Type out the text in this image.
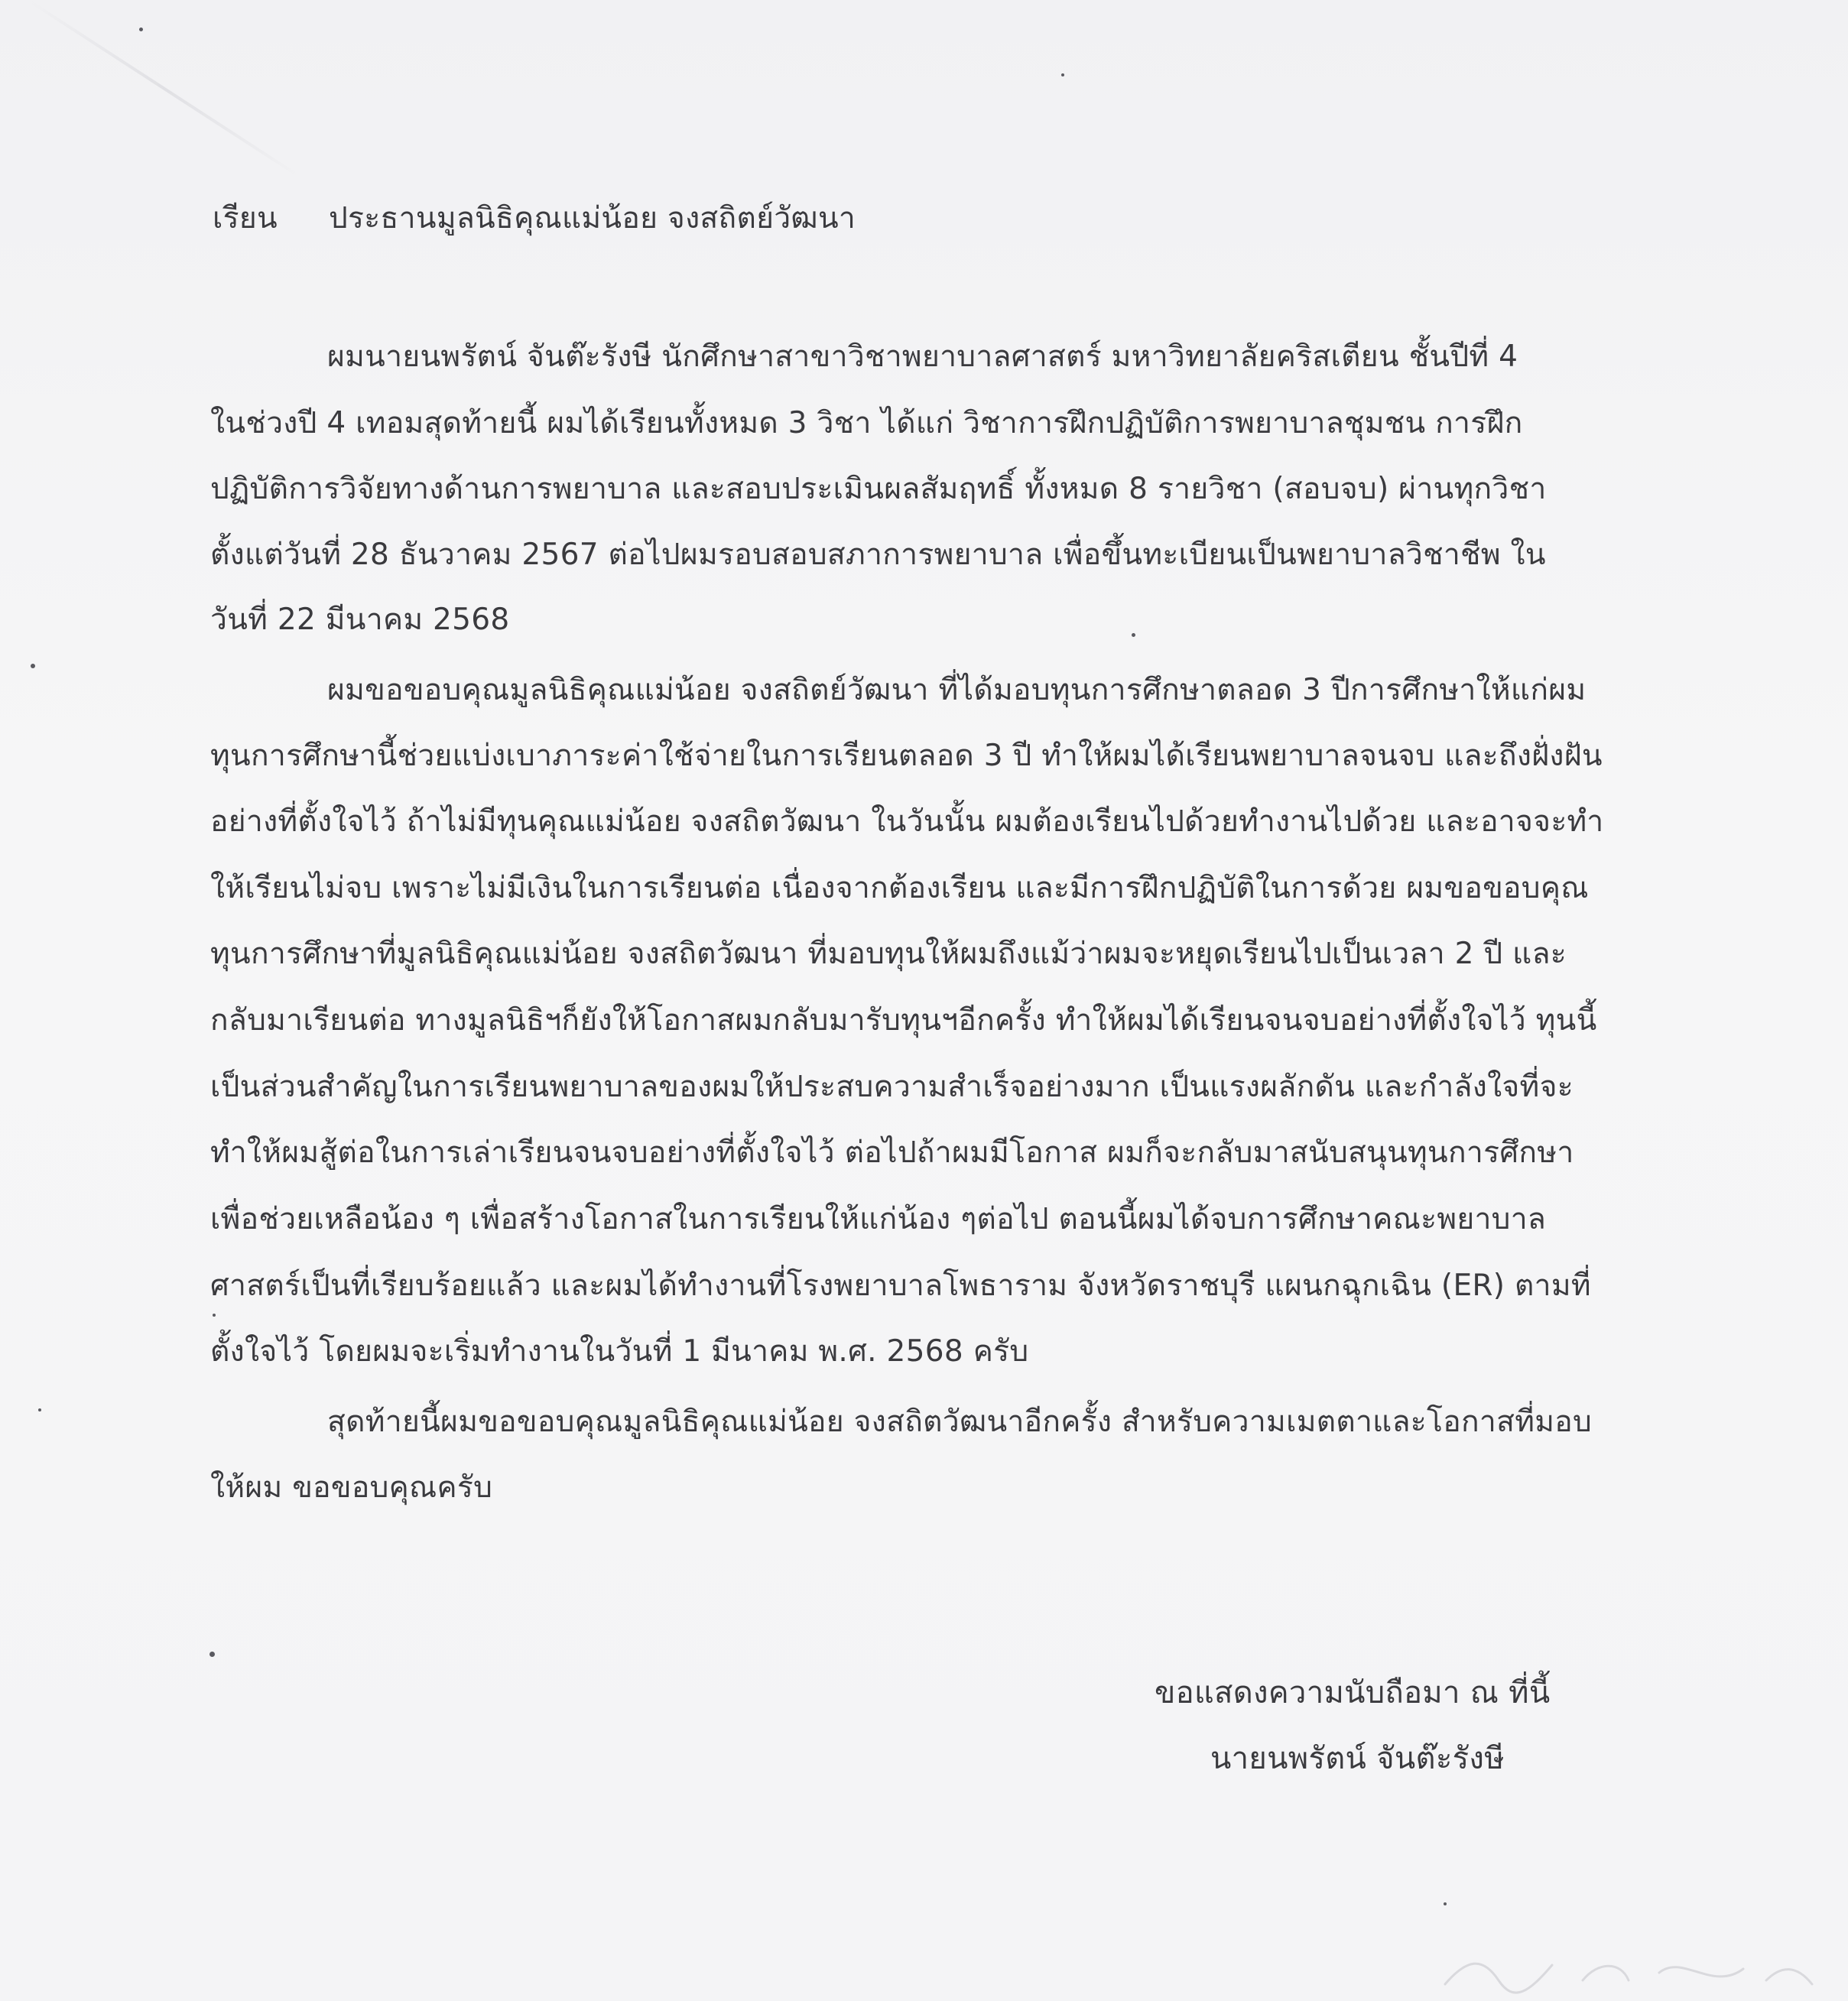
เรียน ประธานมูลนิธิคุณแม่น้อย จงสถิตย์วัฒนา
ผมนายนพรัตน์ จันต๊ะรังษี นักศึกษาสาขาวิชาพยาบาลศาสตร์ มหาวิทยาลัยคริสเตียน ชั้นปีที่ 4
ในช่วงปี 4 เทอมสุดท้ายนี้ ผมได้เรียนทั้งหมด 3 วิชา ได้แก่ วิชาการฝึกปฏิบัติการพยาบาลชุมชน การฝึก
ปฏิบัติการวิจัยทางด้านการพยาบาล และสอบประเมินผลสัมฤทธิ์ ทั้งหมด 8 รายวิชา (สอบจบ) ผ่านทุกวิชา
ตั้งแต่วันที่ 28 ธันวาคม 2567 ต่อไปผมรอบสอบสภาการพยาบาล เพื่อขึ้นทะเบียนเป็นพยาบาลวิชาชีพ ใน
วันที่ 22 มีนาคม 2568
ผมขอขอบคุณมูลนิธิคุณแม่น้อย จงสถิตย์วัฒนา ที่ได้มอบทุนการศึกษาตลอด 3 ปีการศึกษาให้แก่ผม
ทุนการศึกษานี้ช่วยแบ่งเบาภาระค่าใช้จ่ายในการเรียนตลอด 3 ปี ทำให้ผมได้เรียนพยาบาลจนจบ และถึงฝั่งฝัน
อย่างที่ตั้งใจไว้ ถ้าไม่มีทุนคุณแม่น้อย จงสถิตวัฒนา ในวันนั้น ผมต้องเรียนไปด้วยทำงานไปด้วย และอาจจะทำ
ให้เรียนไม่จบ เพราะไม่มีเงินในการเรียนต่อ เนื่องจากต้องเรียน และมีการฝึกปฏิบัติในการด้วย ผมขอขอบคุณ
ทุนการศึกษาที่มูลนิธิคุณแม่น้อย จงสถิตวัฒนา ที่มอบทุนให้ผมถึงแม้ว่าผมจะหยุดเรียนไปเป็นเวลา 2 ปี และ
กลับมาเรียนต่อ ทางมูลนิธิฯก็ยังให้โอกาสผมกลับมารับทุนฯอีกครั้ง ทำให้ผมได้เรียนจนจบอย่างที่ตั้งใจไว้ ทุนนี้
เป็นส่วนสำคัญในการเรียนพยาบาลของผมให้ประสบความสำเร็จอย่างมาก เป็นแรงผลักดัน และกำลังใจที่จะ
ทำให้ผมสู้ต่อในการเล่าเรียนจนจบอย่างที่ตั้งใจไว้ ต่อไปถ้าผมมีโอกาส ผมก็จะกลับมาสนับสนุนทุนการศึกษา
เพื่อช่วยเหลือน้อง ๆ เพื่อสร้างโอกาสในการเรียนให้แก่น้อง ๆต่อไป ตอนนี้ผมได้จบการศึกษาคณะพยาบาล
ศาสตร์เป็นที่เรียบร้อยแล้ว และผมได้ทำงานที่โรงพยาบาลโพธาราม จังหวัดราชบุรี แผนกฉุกเฉิน (ER) ตามที่
ตั้งใจไว้ โดยผมจะเริ่มทำงานในวันที่ 1 มีนาคม พ.ศ. 2568 ครับ
สุดท้ายนี้ผมขอขอบคุณมูลนิธิคุณแม่น้อย จงสถิตวัฒนาอีกครั้ง สำหรับความเมตตาและโอกาสที่มอบ
ให้ผม ขอขอบคุณครับ
ขอแสดงความนับถือมา ณ ที่นี้
นายนพรัตน์ จันต๊ะรังษี
